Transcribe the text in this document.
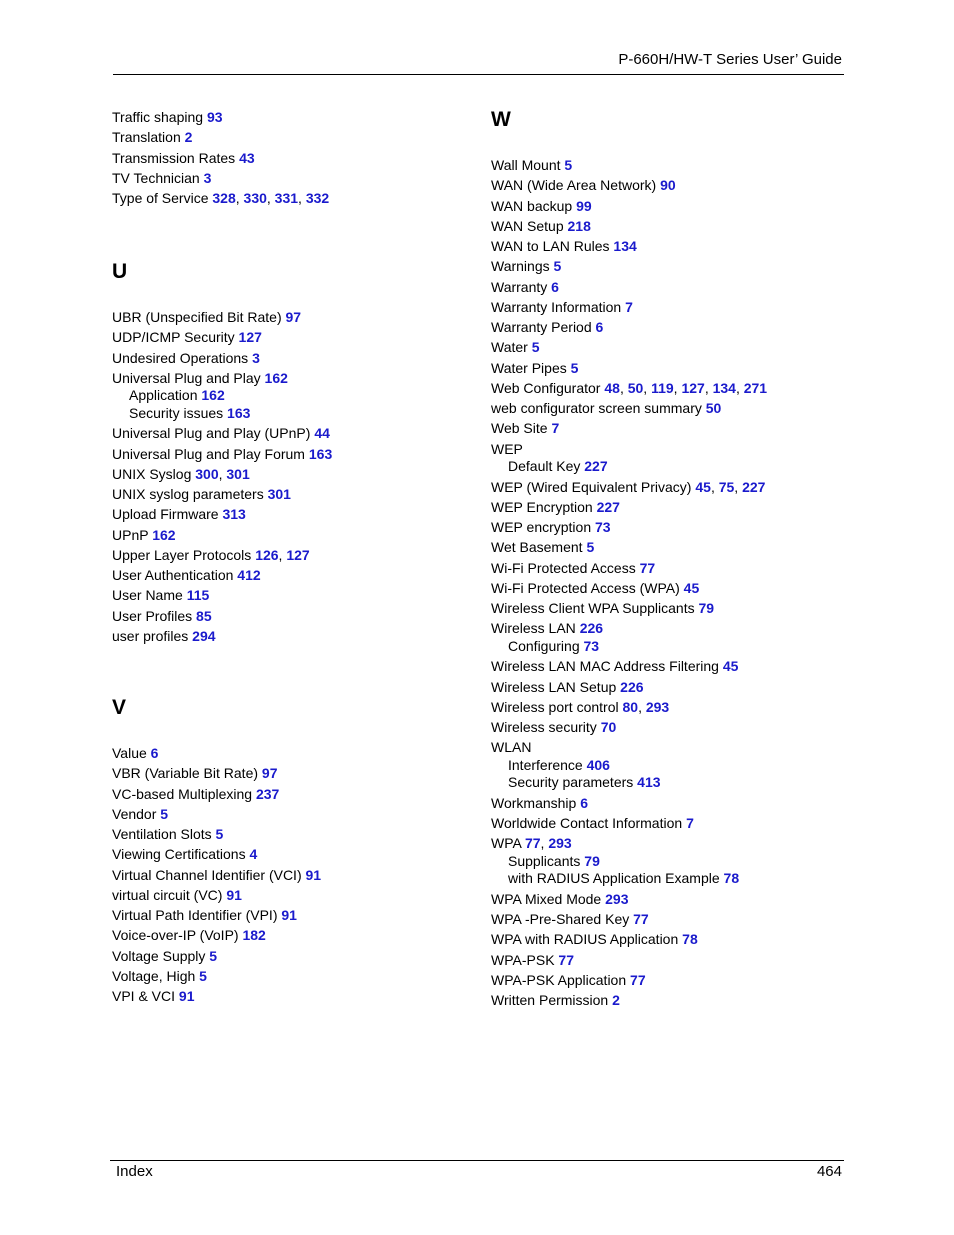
P-660H/HW-T Series User’ Guide
Traffic shaping 93
Translation 2
Transmission Rates 43
TV Technician 3
Type of Service 328, 330, 331, 332
U
UBR (Unspecified Bit Rate) 97
UDP/ICMP Security 127
Undesired Operations 3
Universal Plug and Play 162
Application 162
Security issues 163
Universal Plug and Play (UPnP) 44
Universal Plug and Play Forum 163
UNIX Syslog 300, 301
UNIX syslog parameters 301
Upload Firmware 313
UPnP 162
Upper Layer Protocols 126, 127
User Authentication 412
User Name 115
User Profiles 85
user profiles 294
V
Value 6
VBR (Variable Bit Rate) 97
VC-based Multiplexing 237
Vendor 5
Ventilation Slots 5
Viewing Certifications 4
Virtual Channel Identifier (VCI) 91
virtual circuit (VC) 91
Virtual Path Identifier (VPI) 91
Voice-over-IP (VoIP) 182
Voltage Supply 5
Voltage, High 5
VPI & VCI 91
W
Wall Mount 5
WAN (Wide Area Network) 90
WAN backup 99
WAN Setup 218
WAN to LAN Rules 134
Warnings 5
Warranty 6
Warranty Information 7
Warranty Period 6
Water 5
Water Pipes 5
Web Configurator 48, 50, 119, 127, 134, 271
web configurator screen summary 50
Web Site 7
WEP
Default Key 227
WEP (Wired Equivalent Privacy) 45, 75, 227
WEP Encryption 227
WEP encryption 73
Wet Basement 5
Wi-Fi Protected Access 77
Wi-Fi Protected Access (WPA) 45
Wireless Client WPA Supplicants 79
Wireless LAN 226
Configuring 73
Wireless LAN MAC Address Filtering 45
Wireless LAN Setup 226
Wireless port control 80, 293
Wireless security 70
WLAN
Interference 406
Security parameters 413
Workmanship 6
Worldwide Contact Information 7
WPA 77, 293
Supplicants 79
with RADIUS Application Example 78
WPA Mixed Mode 293
WPA -Pre-Shared Key 77
WPA with RADIUS Application 78
WPA-PSK 77
WPA-PSK Application 77
Written Permission 2
Index	464
